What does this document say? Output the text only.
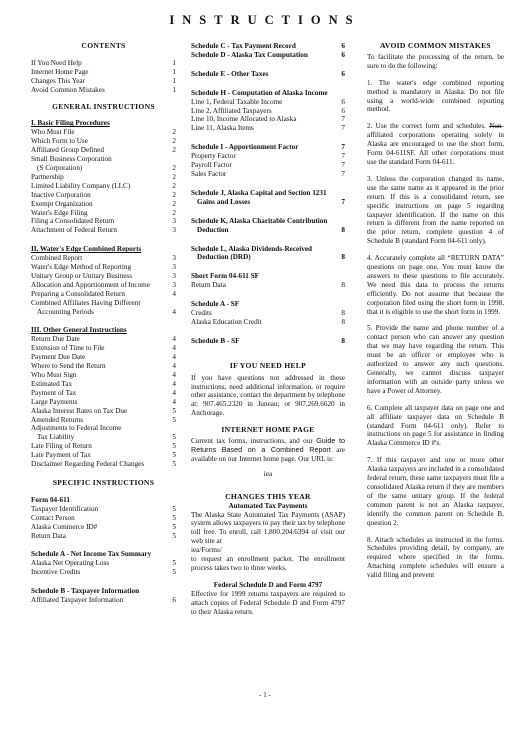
INSTRUCTIONS
CONTENTS
If You Need Help	1
Internet Home Page	1
Changes This Year	1
Avoid Common Mistakes	1
GENERAL INSTRUCTIONS
I. Basic Filing Procedures
Who Must File	2
Which Form to Use	2
Affiliated Group Defined	2
Small Business Corporation
(S Corporation)	2
Partnership	2
Limited Liability Company (LLC)	2
Inactive Corporation	2
Exempt Organization	2
Water's Edge Filing	2
Filing a Consolidated Return	3
Attachment of Federal Return	3
II. Water's Edge Combined Reports
Combined Report	3
Water's Edge Method of Reporting	3
Unitary Group or Unitary Business	3
Allocation and Apportionment of Income	3
Preparing a Consolidated Return	4
Combined Affiliates Having Different
Accounting Periods	4
III. Other General Instructions
Return Due Date	4
Extension of Time to File	4
Payment Due Date	4
Where to Send the Return	4
Who Must Sign	4
Estimated Tax	4
Payment of Tax	4
Large Payments	4
Alaska Interest Rates on Tax Due	5
Amended Returns	5
Adjustments to Federal Income
Tax Liability	5
Late Filing of Return	5
Late Payment of Tax	5
Disclaimer Regarding Federal Changes	5
SPECIFIC INSTRUCTIONS
Form 04-611
Taxpayer Identification	5
Contact Person	5
Alaska Commerce ID#	5
Return Data	5
Schedule A - Net Income Tax Summary
Alaska Net Operating Loss	5
Incentive Credits	5
Schedule B - Taxpayer Information
Affiliated Taxpayer Information	6
Schedule C - Tax Payment Record	6
Schedule D - Alaska Tax Computation	6
Schedule E - Other Taxes	6
Schedule H - Computation of Alaska Income
Line 1, Federal Taxable Income	6
Line 2, Affiliated Taxpayers	6
Line 10, Income Allocated to Alaska	7
Line 11, Alaska Items	7
Schedule I - Apportionment Factor	7
Property Factor	7
Payroll Factor	7
Sales Factor	7
Schedule J, Alaska Capital and Section 1231
Gains and Losses	7
Schedule K, Alaska Charitable Contribution
Deduction	8
Schedule L, Alaska Dividends-Received
Deduction (DRD)	8
Short Form 04-611 SF
Return Data	8
Schedule A - SF
Credits	8
Alaska Education Credit	8
Schedule B - SF	8
IF YOU NEED HELP
If you have questions not addressed in these instructions, need additional information, or require other assistance, contact the department by telephone at: 907.465.2320 in Juneau; or 907.269.6620 in Anchorage.
INTERNET HOME PAGE
Current tax forms, instructions, and our Guide to Returns Based on a Combined Report are available on our Internet home page. Our URL is:
iea
CHANGES THIS YEAR
Automated Tax Payments
The Alaska State Automated Tax Payments (ASAP) system allows taxpayers to pay their tax by telephone toll free. To enroll, call 1.800.204.6394 of visit our web site at
iea/Forms/
to request an enrollment packet. The enrollment process takes two to three weeks.
Federal Schedule D and Form 4797
Effective for 1999 returns taxpayers are required to attach copies of Federal Schedule D and Form 4797 to their Alaska return.
AVOID COMMON MISTAKES
To facilitate the processing of the return, be sure to do the following:
1. The water's edge combined reporting method is mandatory in Alaska. Do not file using a world-wide combined reporting method.
2. Use the correct form and schedules. Non-affiliated corporations operating solely in Alaska are encouraged to use the short form, Form 04-611SF. All other corporations must use the standard Form 04-611.
3. Unless the corporation changed its name, use the same name as it appeared in the prior return. If this is a consolidated return, see specific instructions on page 5 regarding taxpayer identification. If the name on this return is different from the name reported on the prior return, complete question 4 of Schedule B (standard Form 04-611 only).
4. Accurately complete all “RETURN DATA” questions on page one. You must know the answers to these questions to file accurately. We need this data to process the returns efficiently. Do not assume that because the corporation filed using the short form in 1998, that it is eligible to use the short form in 1999.
5. Provide the name and phone number of a contact person who can answer any question that we may have regarding the return. This must be an officer or employee who is authorized to answer any such questions. Generally, we cannot discuss taxpayer information with an outside party unless we have a Power of Attorney.
6. Complete all taxpayer data on page one and all affiliate taxpayer data on Schedule B (standard Form 04-611 only). Refer to instructions on page 5 for assistance in finding Alaska Commerce ID #'s.
7. If this taxpayer and one or more other Alaska taxpayers are included in a consolidated federal return, these same taxpayers must file a consolidated Alaska return if they are members of the same unitary group. If the federal common parent is not an Alaska taxpayer, identify the common parent on Schedule B, question 2.
8. Attach schedules as instructed in the forms. Schedules providing detail, by company, are required where specified in the forms. Attaching complete schedules will ensure a valid filing and prevent
- 1 -
